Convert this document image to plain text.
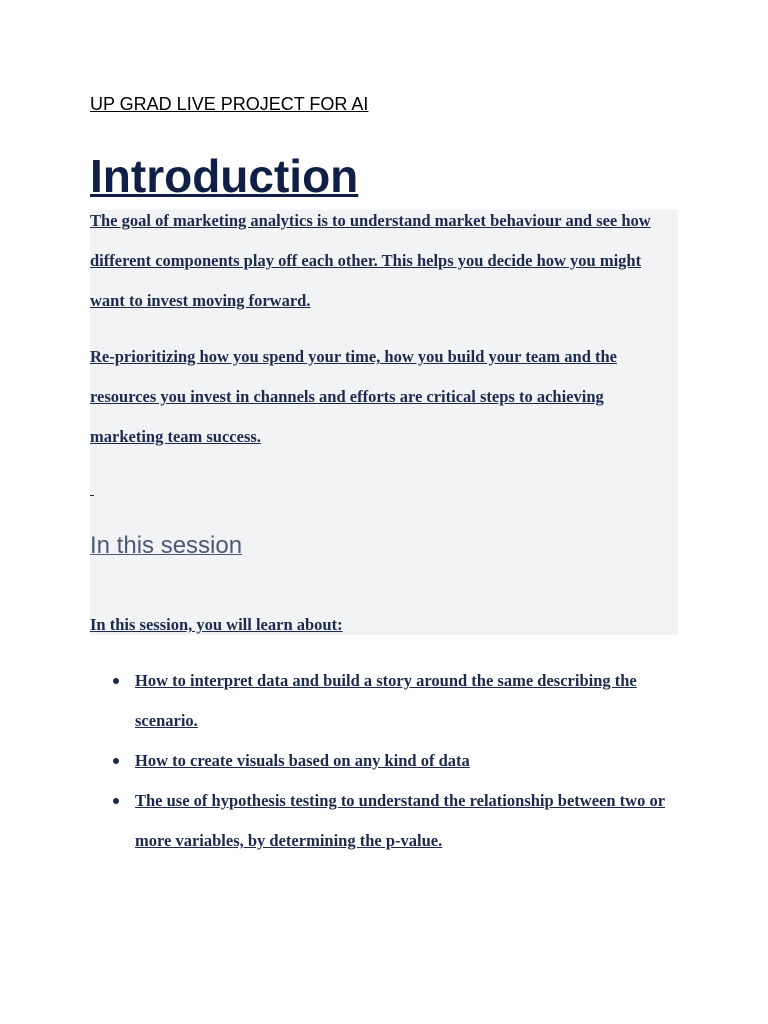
UP GRAD LIVE PROJECT FOR AI
Introduction

The goal of marketing analytics is to understand market behaviour and see how different components play off each other. This helps you decide how you might want to invest moving forward.

Re-prioritizing how you spend your time, how you build your team and the resources you invest in channels and efforts are critical steps to achieving marketing team success.

In this session

In this session, you will learn about:

How to interpret data and build a story around the same describing the scenario.
How to create visuals based on any kind of data
The use of hypothesis testing to understand the relationship between two or more variables, by determining the p-value.
